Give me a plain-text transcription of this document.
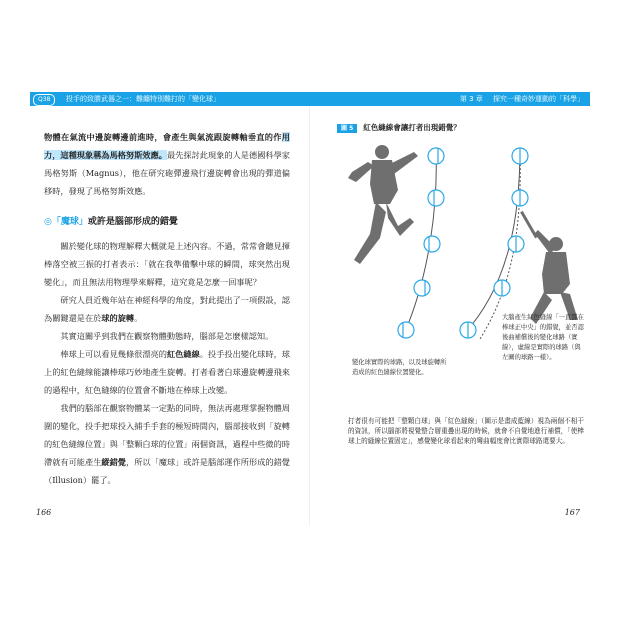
Q38	投手的致勝武器之一：難纏特別難打的「變化球」	第 3 章 探究一種奇妙運動的「科學」

物體在氣流中邊旋轉邊前進時，會產生與氣流跟旋轉軸垂直的作用力，這種現象稱為馬格努斯效應。最先探討此現象的人是德國科學家馬格努斯（Magnus），他在研究砲彈邊飛行邊旋轉會出現的彈道偏移時，發現了馬格努斯效應。

◎「魔球」或許是腦部形成的錯覺

關於變化球的物理解釋大概就是上述內容。不過，常常會聽見揮棒落空被三振的打者表示：「就在我準備擊中球的瞬間，球突然出現變化」，而且無法用物理學來解釋，這究竟是怎麼一回事呢？

研究人員近幾年站在神經科學的角度，對此提出了一項假設，認為關鍵還是在於球的旋轉。

其實這關乎到我們在觀察物體動態時，腦部是怎麼樣認知。

棒球上可以看見幾條很漂亮的紅色縫線。投手投出變化球時，球上的紅色縫線能讓棒球巧妙地產生旋轉。打者看著白球邊旋轉邊飛來的過程中，紅色縫線的位置會不斷地在棒球上改變。

我們的腦部在觀察物體某一定點的同時，無法再處理掌握物體周圍的變化，投手把球投入捕手手套的極短時間內，腦部接收到「旋轉的紅色縫線位置」與「整顆白球的位置」兩個資訊，過程中些微的時滯就有可能產生縱錯覺，所以「魔球」或許是腦部運作所形成的錯覺（Illusion）罷了。

圖 5 紅色縫線會讓打者出現錯覺？
變化球實際的球路，以及球旋轉所造成的紅色縫線位置變化。
大腦產生紅色縫線「一直都在棒球正中央」的錯覺，並否認後曲補償後的變化球路（實線），虛線是實際的球路（與左圖的球路一樣）。
打者很有可能把「整顆白球」與「紅色縫線」（圖示是畫成藍線）視為兩個不相干的資訊，所以腦部將視覺整合層重疊出現的時候，就會不自覺地進行補償，「使棒球上的縫線位置固定」，感覺變化球看起來的彎曲幅度會比實際球路還要大。
166	167
